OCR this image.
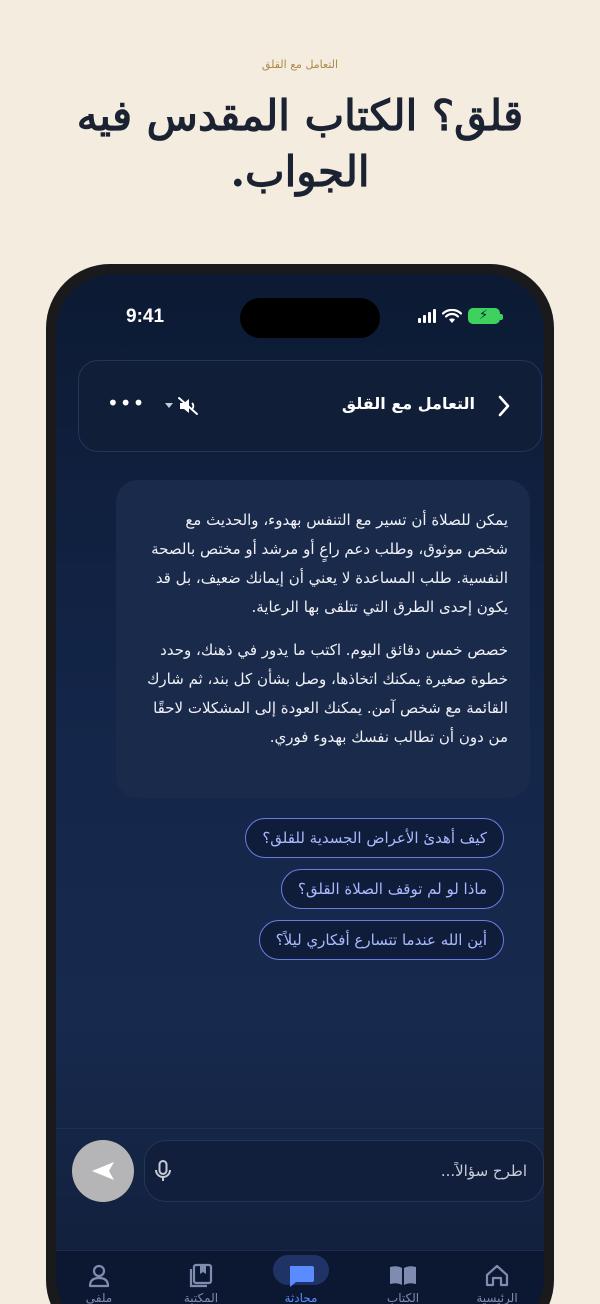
التعامل مع القلق
قلق؟ الكتاب المقدس فيه الجواب.
9:41	⚡
التعامل مع القلق
•••

يمكن للصلاة أن تسير مع التنفس بهدوء، والحديث مع شخص موثوق، وطلب دعم راعٍ أو مرشد أو مختص بالصحة النفسية. طلب المساعدة لا يعني أن إيمانك ضعيف، بل قد يكون إحدى الطرق التي تتلقى بها الرعاية.

خصص خمس دقائق اليوم. اكتب ما يدور في ذهنك، وحدد خطوة صغيرة يمكنك اتخاذها، وصل بشأن كل بند، ثم شارك القائمة مع شخص آمن. يمكنك العودة إلى المشكلات لاحقًا من دون أن تطالب نفسك بهدوء فوري.

كيف أهدئ الأعراض الجسدية للقلق؟
ماذا لو لم توقف الصلاة القلق؟
أين الله عندما تتسارع أفكاري ليلاً؟
اطرح سؤالاً...
الرئيسية
الكتاب
محادثة
المكتبة
ملفي
